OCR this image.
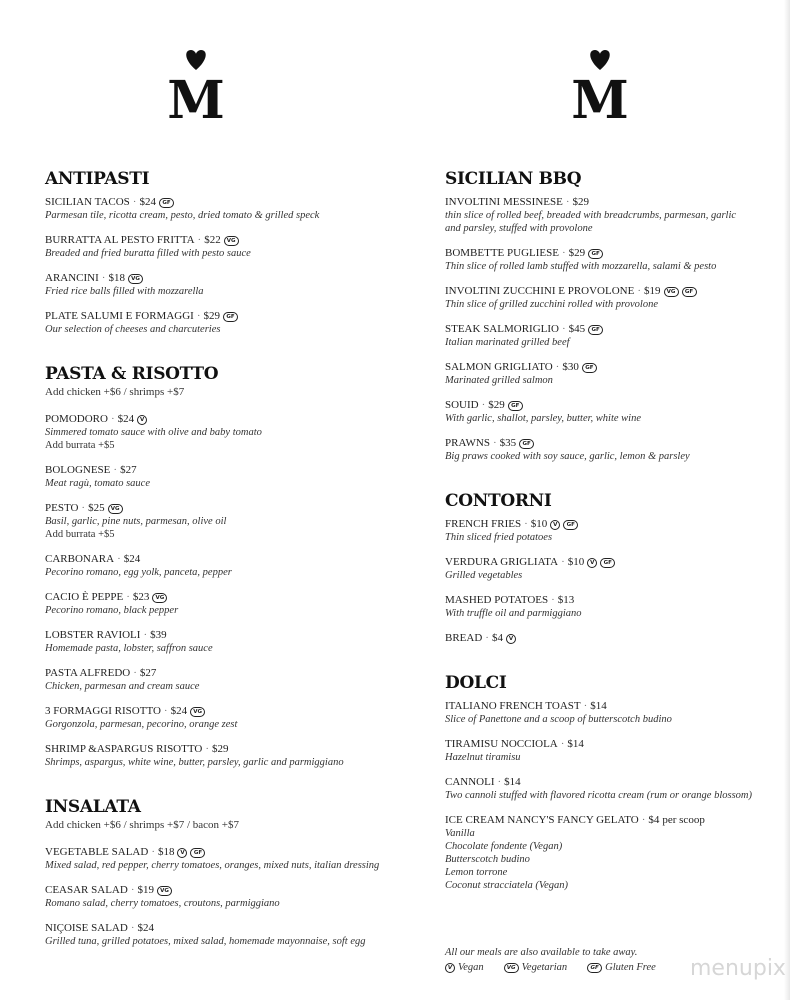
M	M
ANTIPASTI
SICILIAN TACOS · $24 GF
Parmesan tile, ricotta cream, pesto, dried tomato & grilled speck
BURRATTA AL PESTO FRITTA · $22 VG
Breaded and fried buratta filled with pesto sauce
ARANCINI · $18 VG
Fried rice balls filled with mozzarella
PLATE SALUMI E FORMAGGI · $29 GF
Our selection of cheeses and charcuteries
PASTA & RISOTTO
Add chicken +$6 / shrimps +$7
POMODORO · $24 V
Simmered tomato sauce with olive and baby tomato
Add burrata +$5
BOLOGNESE · $27
Meat ragù, tomato sauce
PESTO · $25 VG
Basil, garlic, pine nuts, parmesan, olive oil
Add burrata +$5
CARBONARA · $24
Pecorino romano, egg yolk, panceta, pepper
CACIO È PEPPE · $23 VG
Pecorino romano, black pepper
LOBSTER RAVIOLI · $39
Homemade pasta, lobster, saffron sauce
PASTA ALFREDO · $27
Chicken, parmesan and cream sauce
3 FORMAGGI RISOTTO · $24 VG
Gorgonzola, parmesan, pecorino, orange zest
SHRIMP &ASPARGUS RISOTTO · $29
Shrimps, aspargus, white wine, butter, parsley, garlic and parmiggiano
INSALATA
Add chicken +$6 / shrimps +$7 / bacon +$7
VEGETABLE SALAD · $18 V GF
Mixed salad, red pepper, cherry tomatoes, oranges, mixed nuts, italian dressing
CEASAR SALAD · $19 VG
Romano salad, cherry tomatoes, croutons, parmiggiano
NIÇOISE SALAD · $24
Grilled tuna, grilled potatoes, mixed salad, homemade mayonnaise, soft egg
SICILIAN BBQ
INVOLTINI MESSINESE · $29
thin slice of rolled beef, breaded with breadcrumbs, parmesan, garlic
and parsley, stuffed with provolone
BOMBETTE PUGLIESE · $29 GF
Thin slice of rolled lamb stuffed with mozzarella, salami & pesto
INVOLTINI ZUCCHINI E PROVOLONE · $19 VG GF
Thin slice of grilled zucchini rolled with provolone
STEAK SALMORIGLIO · $45 GF
Italian marinated grilled beef
SALMON GRIGLIATO · $30 GF
Marinated grilled salmon
SOUID · $29 GF
With garlic, shallot, parsley, butter, white wine
PRAWNS · $35 GF
Big praws cooked with soy sauce, garlic, lemon & parsley
CONTORNI
FRENCH FRIES · $10 V GF
Thin sliced fried potatoes
VERDURA GRIGLIATA · $10 V GF
Grilled vegetables
MASHED POTATOES · $13
With truffle oil and parmiggiano
BREAD · $4 V
DOLCI
ITALIANO FRENCH TOAST · $14
Slice of Panettone and a scoop of butterscotch budino
TIRAMISU NOCCIOLA · $14
Hazelnut tiramisu
CANNOLI · $14
Two cannoli stuffed with flavored ricotta cream (rum or orange blossom)
ICE CREAM NANCY'S FANCY GELATO · $4 per scoop
Vanilla
Chocolate fondente (Vegan)
Butterscotch budino
Lemon torrone
Coconut stracciatela (Vegan)
All our meals are also available to take away.
V Vegan	VG Vegetarian	GF Gluten Free	menupix
